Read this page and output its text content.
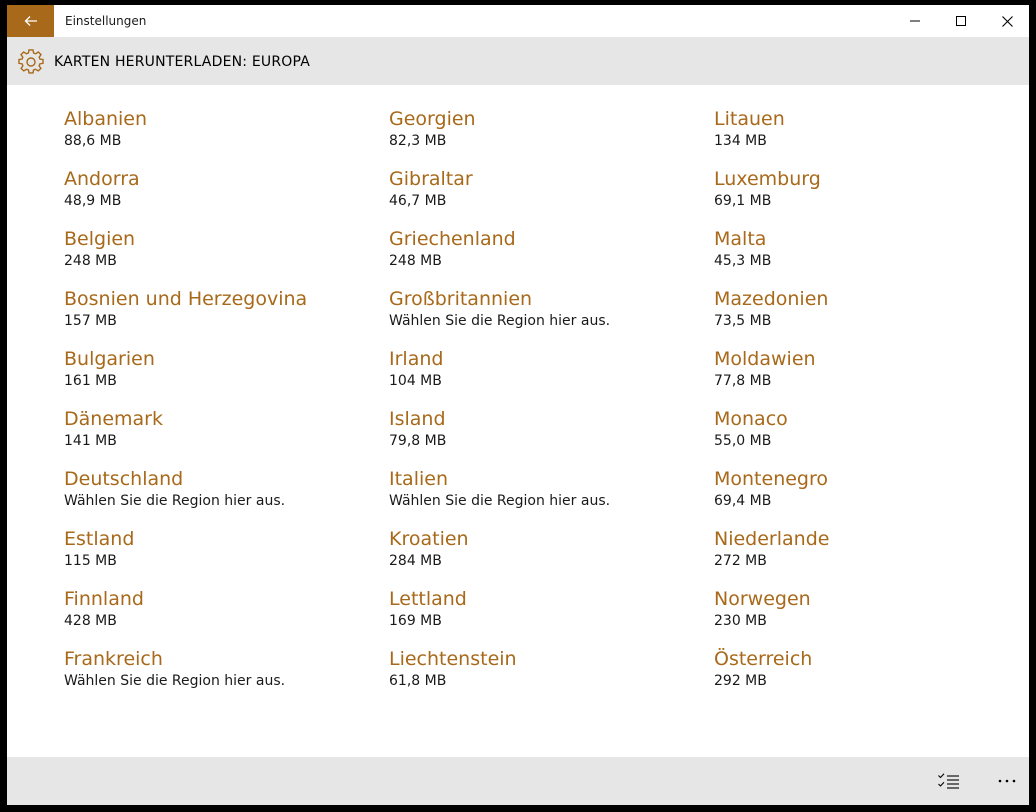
Einstellungen
KARTEN HERUNTERLADEN: EUROPA
Albanien
88,6 MB
Andorra
48,9 MB
Belgien
248 MB
Bosnien und Herzegovina
157 MB
Bulgarien
161 MB
Dänemark
141 MB
Deutschland
Wählen Sie die Region hier aus.
Estland
115 MB
Finnland
428 MB
Frankreich
Wählen Sie die Region hier aus.
Georgien
82,3 MB
Gibraltar
46,7 MB
Griechenland
248 MB
Großbritannien
Wählen Sie die Region hier aus.
Irland
104 MB
Island
79,8 MB
Italien
Wählen Sie die Region hier aus.
Kroatien
284 MB
Lettland
169 MB
Liechtenstein
61,8 MB
Litauen
134 MB
Luxemburg
69,1 MB
Malta
45,3 MB
Mazedonien
73,5 MB
Moldawien
77,8 MB
Monaco
55,0 MB
Montenegro
69,4 MB
Niederlande
272 MB
Norwegen
230 MB
Österreich
292 MB
